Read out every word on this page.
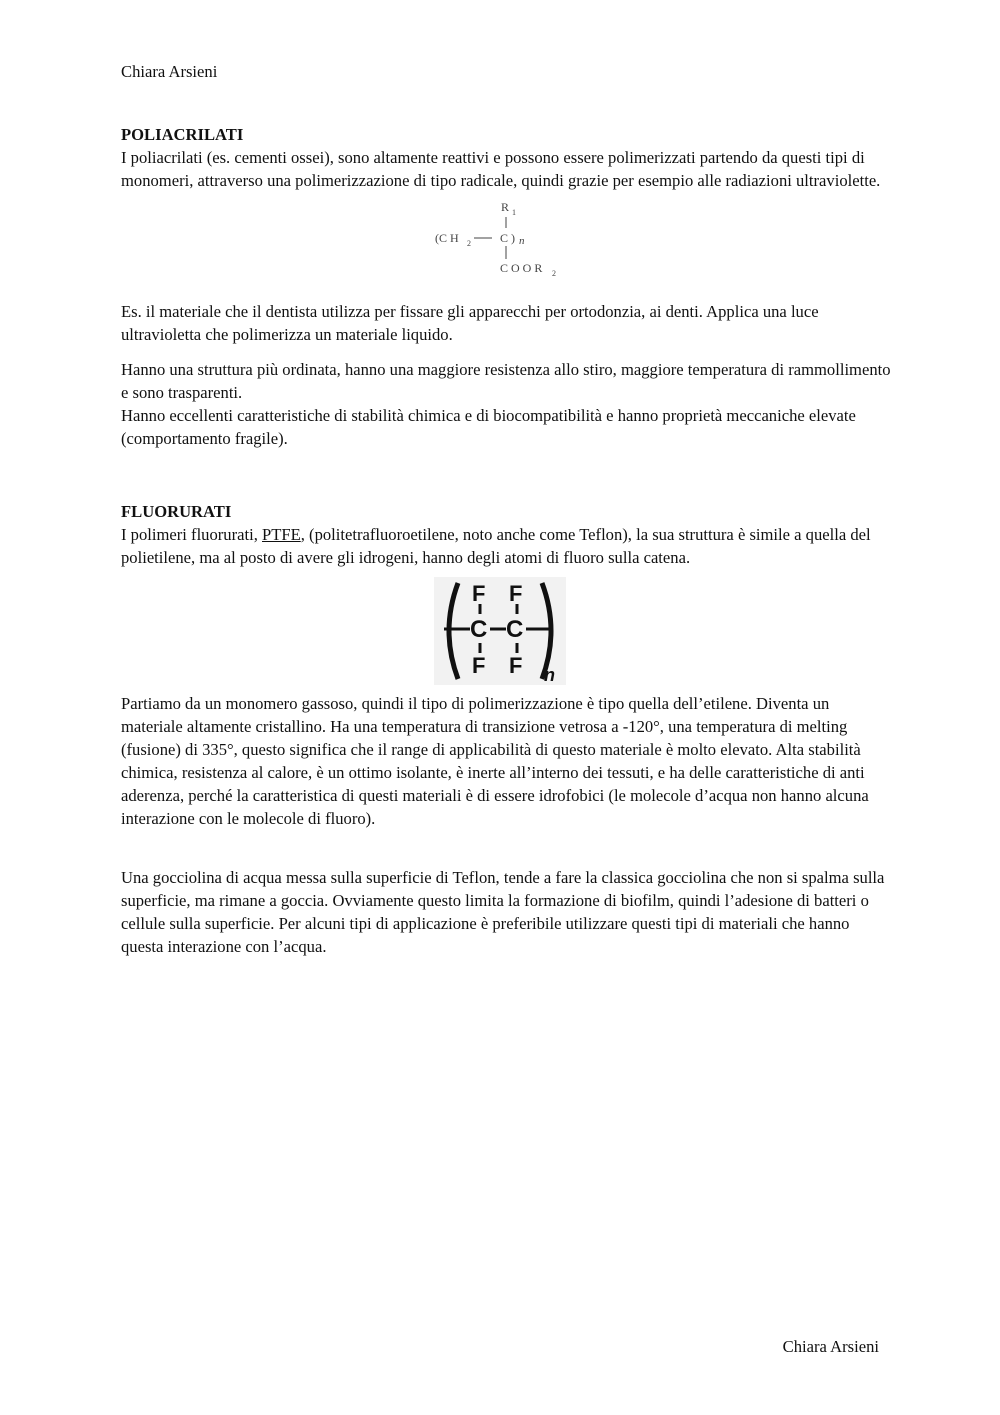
Chiara Arsieni

POLIACRILATI

I poliacrilati (es. cementi ossei), sono altamente reattivi e possono essere polimerizzati partendo da questi tipi di monomeri, attraverso una polimerizzazione di tipo radicale, quindi grazie per esempio alle radiazioni ultraviolette.

R 1
(C H 2 C ) n
C O O R 2

Es. il materiale che il dentista utilizza per fissare gli apparecchi per ortodonzia, ai denti. Applica una luce ultravioletta che polimerizza un materiale liquido.

Hanno una struttura più ordinata, hanno una maggiore resistenza allo stiro, maggiore temperatura di rammollimento e sono trasparenti.

Hanno eccellenti caratteristiche di stabilità chimica e di biocompatibilità e hanno proprietà meccaniche elevate (comportamento fragile).

FLUORURATI

I polimeri fluorurati, PTFE, (politetrafluoroetilene, noto anche come Teflon), la sua struttura è simile a quella del polietilene, ma al posto di avere gli idrogeni, hanno degli atomi di fluoro sulla catena.

F F
C C
F F n

Partiamo da un monomero gassoso, quindi il tipo di polimerizzazione è tipo quella dell’etilene. Diventa un materiale altamente cristallino. Ha una temperatura di transizione vetrosa a -120°, una temperatura di melting (fusione) di 335°, questo significa che il range di applicabilità di questo materiale è molto elevato. Alta stabilità chimica, resistenza al calore, è un ottimo isolante, è inerte all’interno dei tessuti, e ha delle caratteristiche di anti aderenza, perché la caratteristica di questi materiali è di essere idrofobici (le molecole d’acqua non hanno alcuna interazione con le molecole di fluoro).

Una gocciolina di acqua messa sulla superficie di Teflon, tende a fare la classica gocciolina che non si spalma sulla superficie, ma rimane a goccia. Ovviamente questo limita la formazione di biofilm, quindi l’adesione di batteri o cellule sulla superficie. Per alcuni tipi di applicazione è preferibile utilizzare questi tipi di materiali che hanno questa interazione con l’acqua.

Chiara Arsieni
